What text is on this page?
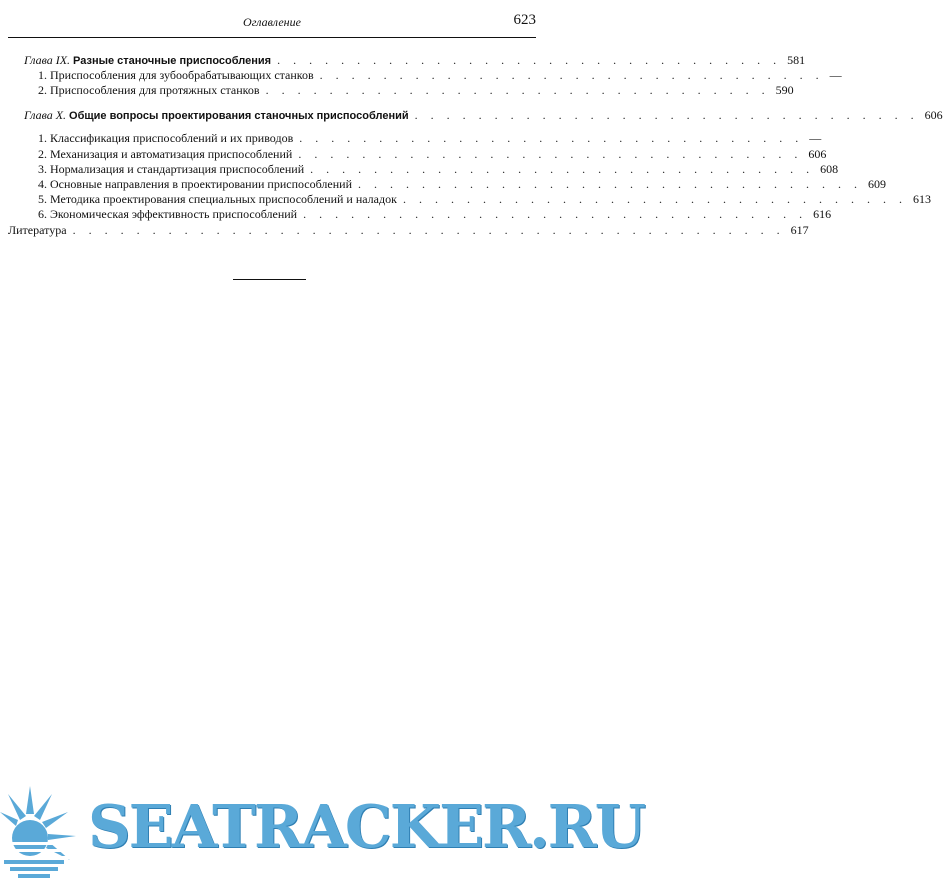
Оглавление	623
Глава IX. Разные станочные приспособления . . . . . . . . . . . . . . . . . . . . . . . . . . . . . . . . 581
1. Приспособления для зубообрабатывающих станков . . . . . . . . . . . . . . . . . . . . . . . . . . . . . . . . —
2. Приспособления для протяжных станков . . . . . . . . . . . . . . . . . . . . . . . . . . . . . . . . 590
Глава X. Общие вопросы проектирования станочных приспособлений . . . . . . . . . . . . . . . . . . . . . . . . . . . . . . . . 606
1. Классификация приспособлений и их приводов . . . . . . . . . . . . . . . . . . . . . . . . . . . . . . . . —
2. Механизация и автоматизация приспособлений . . . . . . . . . . . . . . . . . . . . . . . . . . . . . . . . 606
3. Нормализация и стандартизация приспособлений . . . . . . . . . . . . . . . . . . . . . . . . . . . . . . . . 608
4. Основные направления в проектировании приспособлений . . . . . . . . . . . . . . . . . . . . . . . . . . . . . . . . 609
5. Методика проектирования специальных приспособлений и наладок . . . . . . . . . . . . . . . . . . . . . . . . . . . . . . . . 613
6. Экономическая эффективность приспособлений . . . . . . . . . . . . . . . . . . . . . . . . . . . . . . . . 616
Литература . . . . . . . . . . . . . . . . . . . . . . . . . . . . . . . . . . . . . . . . . . . . . 617
SEATRACKER.RU
